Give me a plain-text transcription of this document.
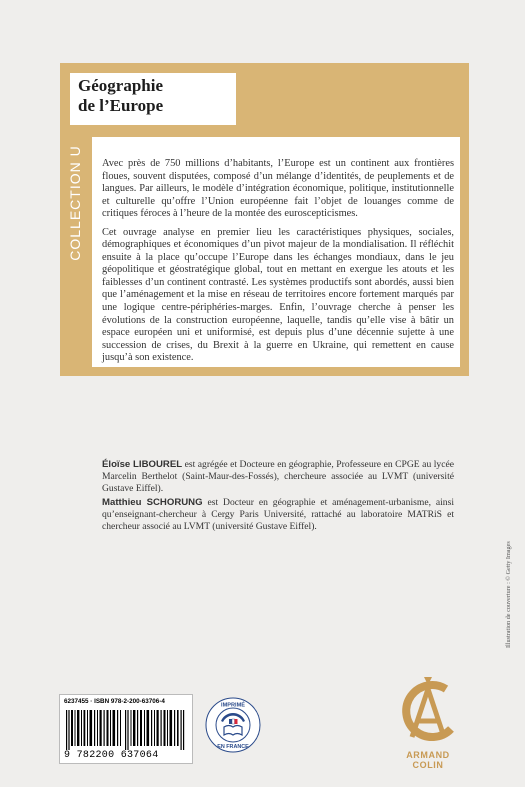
Géographie
de l’Europe
COLLECTION U	Avec près de 750 millions d’habitants, l’Europe est un continent aux frontières floues, souvent disputées, composé d’un mélange d’identités, de peuplements et de langues. Par ailleurs, le modèle d’intégration économique, politique, institutionnelle et culturelle qu’offre l’Union européenne fait l’objet de louanges comme de critiques féroces à l’heure de la montée des euroscepticismes.

Cet ouvrage analyse en premier lieu les caractéristiques physiques, sociales, démographiques et économiques d’un pivot majeur de la mondialisation. Il réfléchit ensuite à la place qu’occupe l’Europe dans les échanges mondiaux, dans le jeu géopolitique et géostratégique global, tout en mettant en exergue les atouts et les faiblesses d’un continent contrasté. Les systèmes productifs sont abordés, aussi bien que l’aménagement et la mise en réseau de territoires encore fortement marqués par une logique centre-périphéries-marges. Enfin, l’ouvrage cherche à penser les évolutions de la construction européenne, laquelle, tandis qu’elle vise à bâtir un espace européen uni et uniformisé, est depuis plus d’une décennie sujette à une succession de crises, du Brexit à la guerre en Ukraine, qui remettent en cause jusqu’à son existence.

Éloïse LIBOUREL est agrégée et Docteure en géographie, Professeure en CPGE au lycée Marcelin Berthelot (Saint-Maur-des-Fossés), chercheure associée au LVMT (université Gustave Eiffel).

Matthieu SCHORUNG est Docteur en géographie et aménagement-urbanisme, ainsi qu’enseignant-chercheur à Cergy Paris Université, rattaché au laboratoire MATRiS et chercheur associé au LVMT (université Gustave Eiffel).

Illustration de couverture : © Getty Images
6237455 · ISBN 978-2-200-63706-4
9 782200 637064
IMPRIMÉ
EN FRANCE
ARMAND COLIN
